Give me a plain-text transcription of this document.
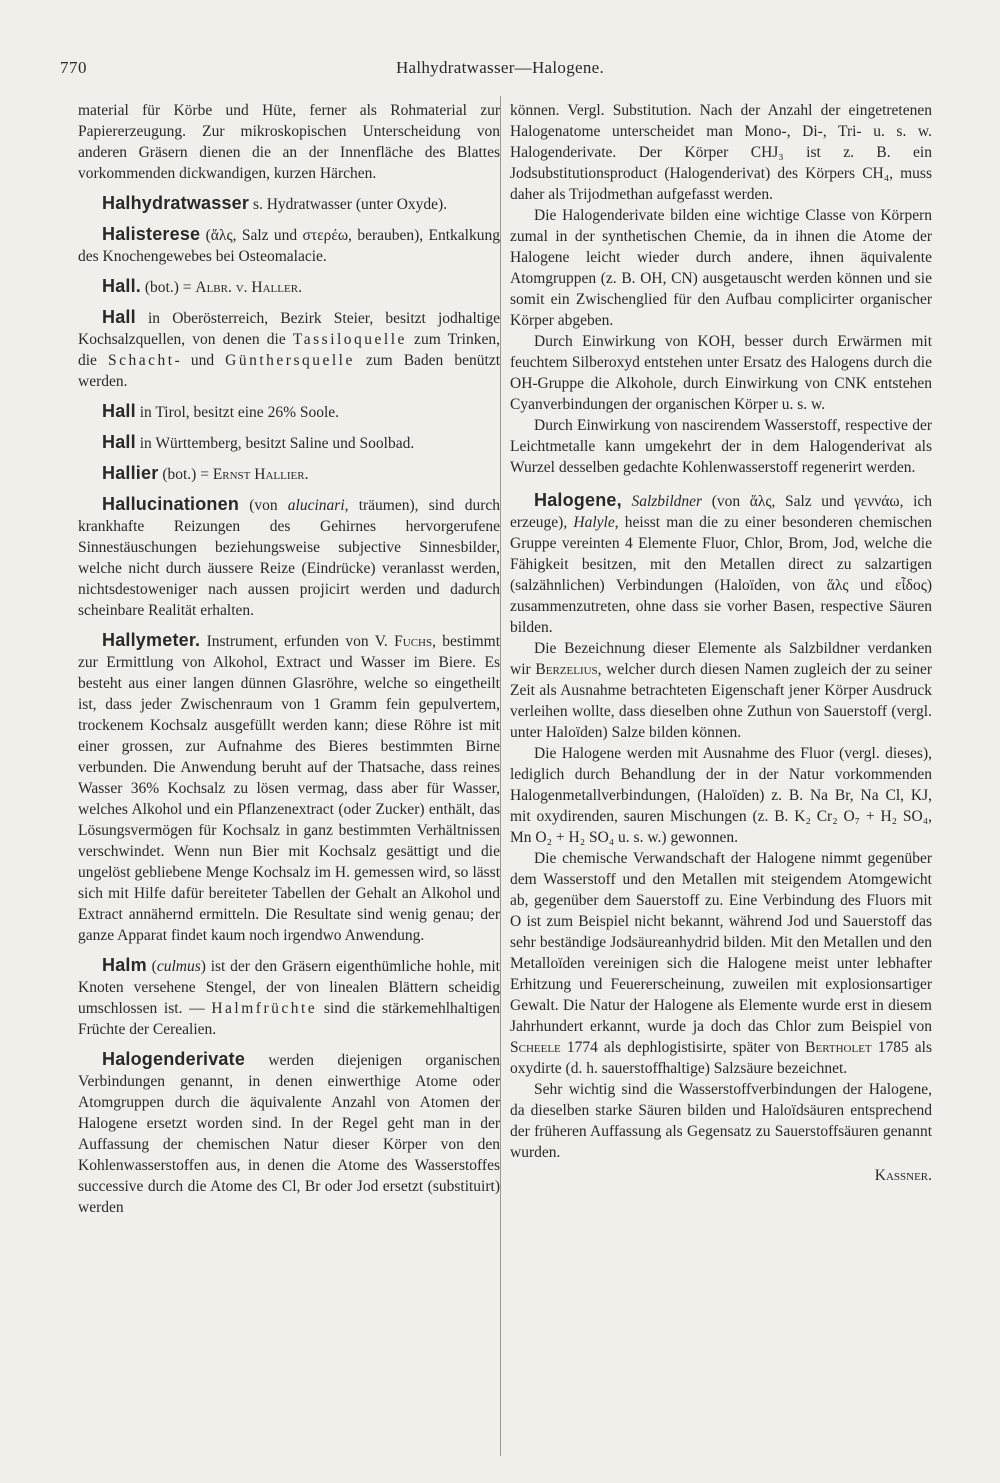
770	Halhydratwasser—Halogene.

material für Körbe und Hüte, ferner als Rohmaterial zur Papiererzeugung. Zur mikroskopischen Unterscheidung von anderen Gräsern dienen die an der Innenfläche des Blattes vorkommenden dickwandigen, kurzen Härchen.

Halhydratwasser s. Hydratwasser (unter Oxyde).

Halisterese (ἅλς, Salz und στερέω, berauben), Entkalkung des Knochengewebes bei Osteomalacie.

Hall. (bot.) = Albr. v. Haller.

Hall in Oberösterreich, Bezirk Steier, besitzt jodhaltige Kochsalzquellen, von denen die Tassiloquelle zum Trinken, die Schacht- und Günthersquelle zum Baden benützt werden.

Hall in Tirol, besitzt eine 26% Soole.

Hall in Württemberg, besitzt Saline und Soolbad.

Hallier (bot.) = Ernst Hallier.

Hallucinationen (von alucinari, träumen), sind durch krankhafte Reizungen des Gehirnes hervorgerufene Sinnestäuschungen beziehungsweise subjective Sinnesbilder, welche nicht durch äussere Reize (Eindrücke) veranlasst werden, nichtsdestoweniger nach aussen projicirt werden und dadurch scheinbare Realität erhalten.

Hallymeter. Instrument, erfunden von V. Fuchs, bestimmt zur Ermittlung von Alkohol, Extract und Wasser im Biere. Es besteht aus einer langen dünnen Glasröhre, welche so eingetheilt ist, dass jeder Zwischenraum von 1 Gramm fein gepulvertem, trockenem Kochsalz ausgefüllt werden kann; diese Röhre ist mit einer grossen, zur Aufnahme des Bieres bestimmten Birne verbunden. Die Anwendung beruht auf der Thatsache, dass reines Wasser 36% Kochsalz zu lösen vermag, dass aber für Wasser, welches Alkohol und ein Pflanzenextract (oder Zucker) enthält, das Lösungsvermögen für Kochsalz in ganz bestimmten Verhältnissen verschwindet. Wenn nun Bier mit Kochsalz gesättigt und die ungelöst gebliebene Menge Kochsalz im H. gemessen wird, so lässt sich mit Hilfe dafür bereiteter Tabellen der Gehalt an Alkohol und Extract annähernd ermitteln. Die Resultate sind wenig genau; der ganze Apparat findet kaum noch irgendwo Anwendung.

Halm (culmus) ist der den Gräsern eigenthümliche hohle, mit Knoten versehene Stengel, der von linealen Blättern scheidig umschlossen ist. — Halmfrüchte sind die stärkemehlhaltigen Früchte der Cerealien.

Halogenderivate werden diejenigen organischen Verbindungen genannt, in denen einwerthige Atome oder Atomgruppen durch die äquivalente Anzahl von Atomen der Halogene ersetzt worden sind. In der Regel geht man in der Auffassung der chemischen Natur dieser Körper von den Kohlenwasserstoffen aus, in denen die Atome des Wasserstoffes successive durch die Atome des Cl, Br oder Jod ersetzt (substituirt) werden

können. Vergl. Substitution. Nach der Anzahl der eingetretenen Halogenatome unterscheidet man Mono-, Di-, Tri- u. s. w. Halogenderivate. Der Körper CHJ₃ ist z. B. ein Jodsubstitutionsproduct (Halogenderivat) des Körpers CH₄, muss daher als Trijodmethan aufgefasst werden.

Die Halogenderivate bilden eine wichtige Classe von Körpern zumal in der synthetischen Chemie, da in ihnen die Atome der Halogene leicht wieder durch andere, ihnen äquivalente Atomgruppen (z. B. OH, CN) ausgetauscht werden können und sie somit ein Zwischenglied für den Aufbau complicirter organischer Körper abgeben.

Durch Einwirkung von KOH, besser durch Erwärmen mit feuchtem Silberoxyd entstehen unter Ersatz des Halogens durch die OH-Gruppe die Alkohole, durch Einwirkung von CNK entstehen Cyanverbindungen der organischen Körper u. s. w.

Durch Einwirkung von nascirendem Wasserstoff, respective der Leichtmetalle kann umgekehrt der in dem Halogenderivat als Wurzel desselben gedachte Kohlenwasserstoff regenerirt werden.

Halogene, Salzbildner (von ἅλς, Salz und γεννάω, ich erzeuge), Halyle, heisst man die zu einer besonderen chemischen Gruppe vereinten 4 Elemente Fluor, Chlor, Brom, Jod, welche die Fähigkeit besitzen, mit den Metallen direct zu salzartigen (salzähnlichen) Verbindungen (Haloïden, von ἅλς und εἶδος) zusammenzutreten, ohne dass sie vorher Basen, respective Säuren bilden.

Die Bezeichnung dieser Elemente als Salzbildner verdanken wir Berzelius, welcher durch diesen Namen zugleich der zu seiner Zeit als Ausnahme betrachteten Eigenschaft jener Körper Ausdruck verleihen wollte, dass dieselben ohne Zuthun von Sauerstoff (vergl. unter Haloïden) Salze bilden können.

Die Halogene werden mit Ausnahme des Fluor (vergl. dieses), lediglich durch Behandlung der in der Natur vorkommenden Halogenmetallverbindungen, (Haloïden) z. B. Na Br, Na Cl, KJ, mit oxydirenden, sauren Mischungen (z. B. K₂ Cr₂ O₇ + H₂ SO₄, Mn O₂ + H₂ SO₄ u. s. w.) gewonnen.

Die chemische Verwandschaft der Halogene nimmt gegenüber dem Wasserstoff und den Metallen mit steigendem Atomgewicht ab, gegenüber dem Sauerstoff zu. Eine Verbindung des Fluors mit O ist zum Beispiel nicht bekannt, während Jod und Sauerstoff das sehr beständige Jodsäureanhydrid bilden. Mit den Metallen und den Metalloïden vereinigen sich die Halogene meist unter lebhafter Erhitzung und Feuererscheinung, zuweilen mit explosionsartiger Gewalt. Die Natur der Halogene als Elemente wurde erst in diesem Jahrhundert erkannt, wurde ja doch das Chlor zum Beispiel von Scheele 1774 als dephlogistisirte, später von Bertholet 1785 als oxydirte (d. h. sauerstoffhaltige) Salzsäure bezeichnet.

Sehr wichtig sind die Wasserstoffverbindungen der Halogene, da dieselben starke Säuren bilden und Haloïdsäuren entsprechend der früheren Auffassung als Gegensatz zu Sauerstoffsäuren genannt wurden.

Kassner.
